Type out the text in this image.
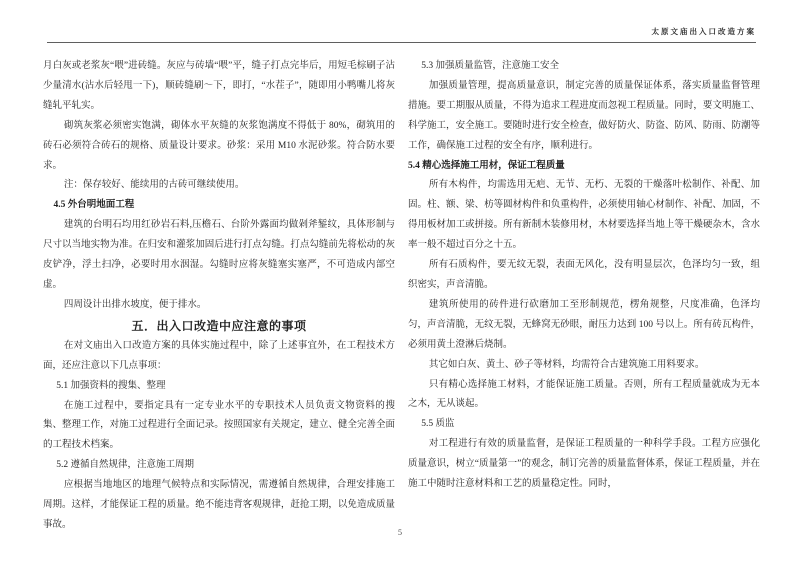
太原文庙出入口改造方案

月白灰或老浆灰“喂”进砖缝。灰应与砖墙“喂”平，缝子打点完毕后，用短毛棕刷子沾少量清水(沾水后轻甩一下)，顺砖缝刷～下，即打，“水茬子”，随即用小鸭嘴儿将灰缝轧平轧实。

砌筑灰浆必须密实饱满，砌体水平灰缝的灰浆饱满度不得低于 80%，砌筑用的砖石必须符合砖石的规格、质量设计要求。砂浆：采用 M10 水泥砂浆。符合防水要求。

注：保存较好、能续用的古砖可继续使用。

4.5 外台明地面工程

建筑的台明石均用红砂岩石料,压檐石、台阶外露面均做剁斧錾纹，具体形制与尺寸以当地实物为准。在归安和灌浆加固后进行打点勾缝。打点勾缝前先将松动的灰皮铲净，浮土扫净，必要时用水洇湿。勾缝时应将灰缝塞实塞严，不可造成内部空虚。

四周设计出排水坡度，便于排水。

五．出入口改造中应注意的事项

在对文庙出入口改造方案的具体实施过程中，除了上述事宜外，在工程技术方面，还应注意以下几点事项：

5.1 加强资料的搜集、整理

在施工过程中，要指定具有一定专业水平的专职技术人员负责文物资料的搜集、整理工作，对施工过程进行全面记录。按照国家有关规定，建立、健全完善全面的工程技术档案。

5.2 遵循自然规律，注意施工周期

应根据当地地区的地理气候特点和实际情况，需遵循自然规律，合理安排施工周期。这样，才能保证工程的质量。绝不能违背客观规律，赶抢工期，以免造成质量事故。

5.3 加强质量监管，注意施工安全

加强质量管理，提高质量意识，制定完善的质量保证体系，落实质量监督管理措施。要工期服从质量，不得为追求工程进度而忽视工程质量。同时，要文明施工、科学施工，安全施工。要随时进行安全检查，做好防火、防盗、防风、防雨、防潮等工作，确保施工过程的安全有序，顺利进行。

5.4 精心选择施工用材，保证工程质量

所有木构件，均需选用无疤、无节、无朽、无裂的干燥落叶松制作、补配、加固。柱、额、梁、枋等圆材构件和负重构件，必须使用轴心材制作、补配、加固，不得用板材加工或拼接。所有新制木装修用材，木材要选择当地上等干燥硬杂木，含水率一般不超过百分之十五。

所有石质构件，要无纹无裂，表面无风化，没有明显层次，色泽均匀一致，组织密实，声音清脆。

建筑所使用的砖件进行砍磨加工至形制规范，楞角规整，尺度准确，色泽均匀，声音清脆，无纹无裂，无蜂窝无砂眼，耐压力达到 100 号以上。所有砖瓦构件，必须用黄土澄淋后烧制。

其它如白灰、黄土、砂子等材料，均需符合古建筑施工用料要求。

只有精心选择施工材料，才能保证施工质量。否则，所有工程质量就成为无本之木，无从谈起。

5.5 质监

对工程进行有效的质量监督，是保证工程质量的一种科学手段。工程方应强化质量意识，树立“质量第一”的观念，制订完善的质量监督体系，保证工程质量，并在施工中随时注意材料和工艺的质量稳定性。同时，

5
